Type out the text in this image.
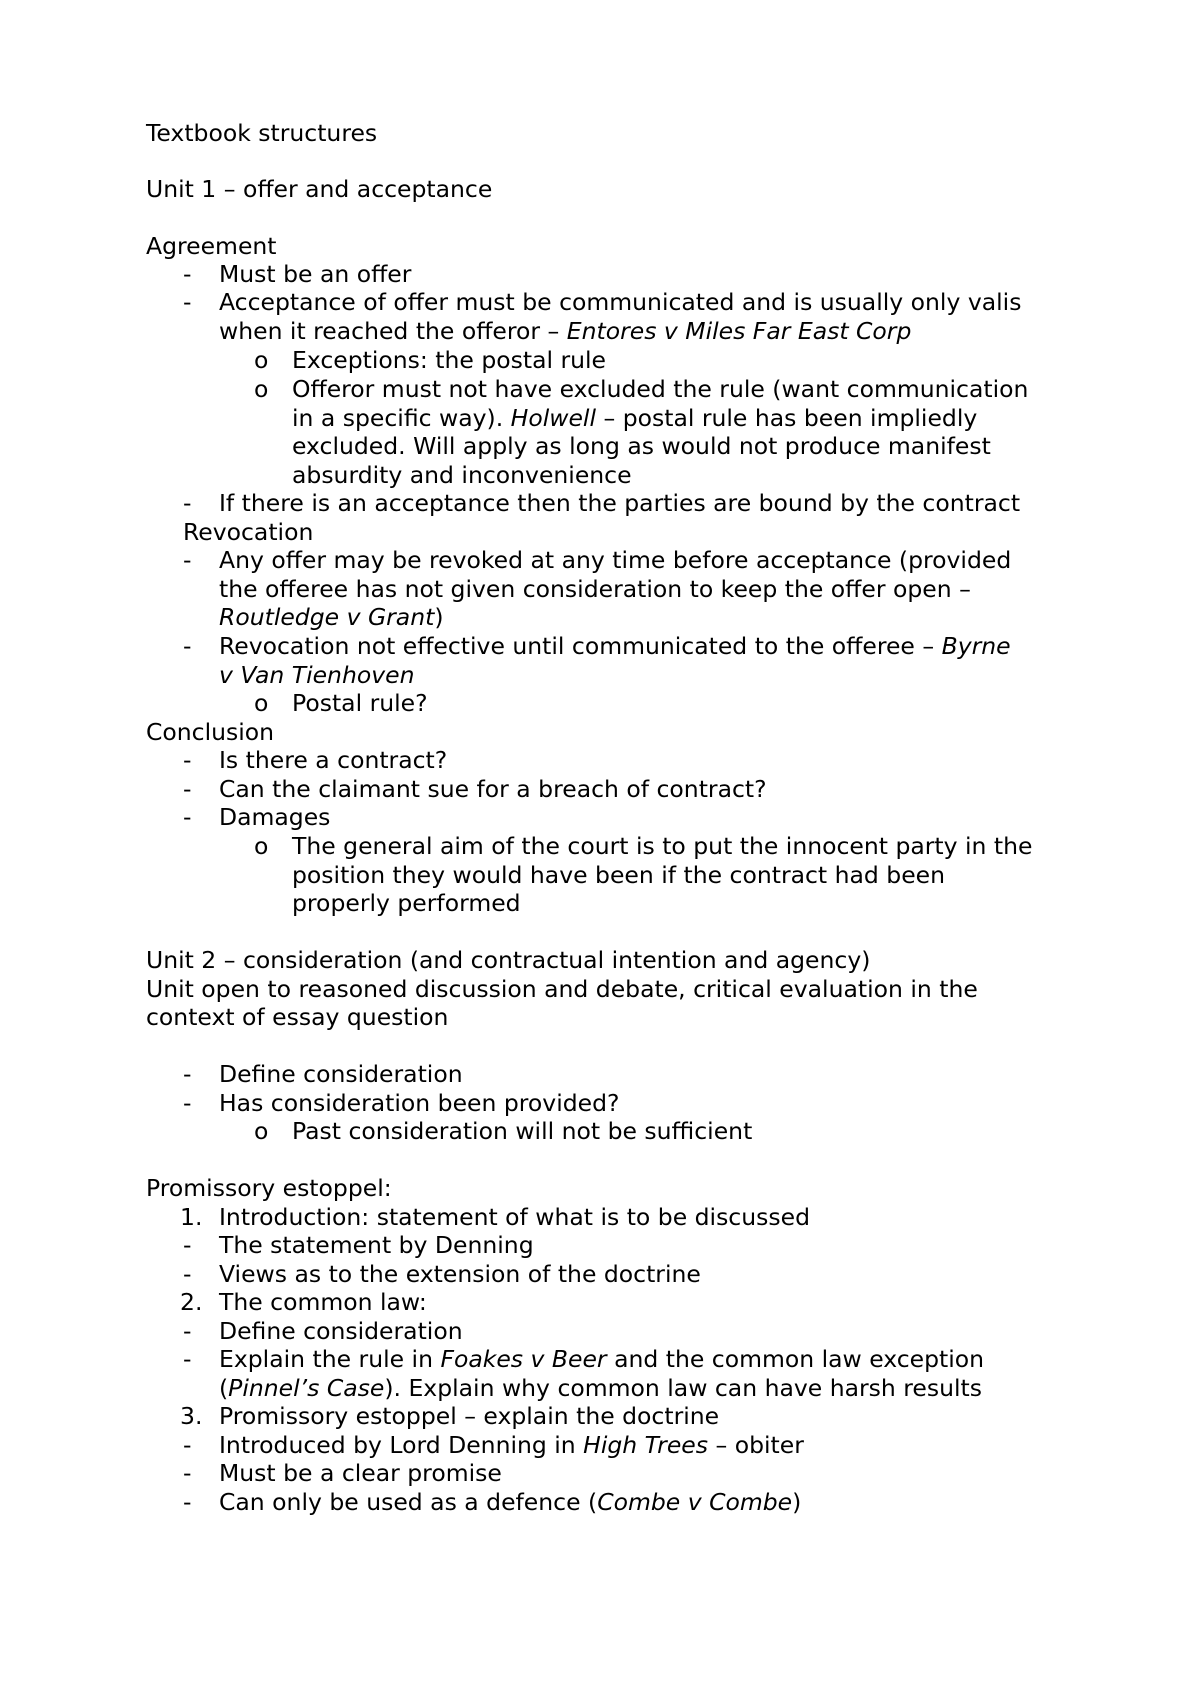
Textbook structures
Unit 1 – offer and acceptance
Agreement
- Must be an offer
- Acceptance of offer must be communicated and is usually only valis
when it reached the offeror – Entores v Miles Far East Corp
o Exceptions: the postal rule
o Offeror must not have excluded the rule (want communication
in a specific way). Holwell – postal rule has been impliedly
excluded. Will apply as long as would not produce manifest
absurdity and inconvenience
- If there is an acceptance then the parties are bound by the contract
Revocation
- Any offer may be revoked at any time before acceptance (provided
the offeree has not given consideration to keep the offer open –
Routledge v Grant)
- Revocation not effective until communicated to the offeree – Byrne
v Van Tienhoven
o Postal rule?
Conclusion
- Is there a contract?
- Can the claimant sue for a breach of contract?
- Damages
o The general aim of the court is to put the innocent party in the
position they would have been if the contract had been
properly performed
Unit 2 – consideration (and contractual intention and agency)
Unit open to reasoned discussion and debate, critical evaluation in the
context of essay question
- Define consideration
- Has consideration been provided?
o Past consideration will not be sufficient
Promissory estoppel:
1. Introduction: statement of what is to be discussed
- The statement by Denning
- Views as to the extension of the doctrine
2. The common law:
- Define consideration
- Explain the rule in Foakes v Beer and the common law exception
(Pinnel’s Case). Explain why common law can have harsh results
3. Promissory estoppel – explain the doctrine
- Introduced by Lord Denning in High Trees – obiter
- Must be a clear promise
- Can only be used as a defence (Combe v Combe)
